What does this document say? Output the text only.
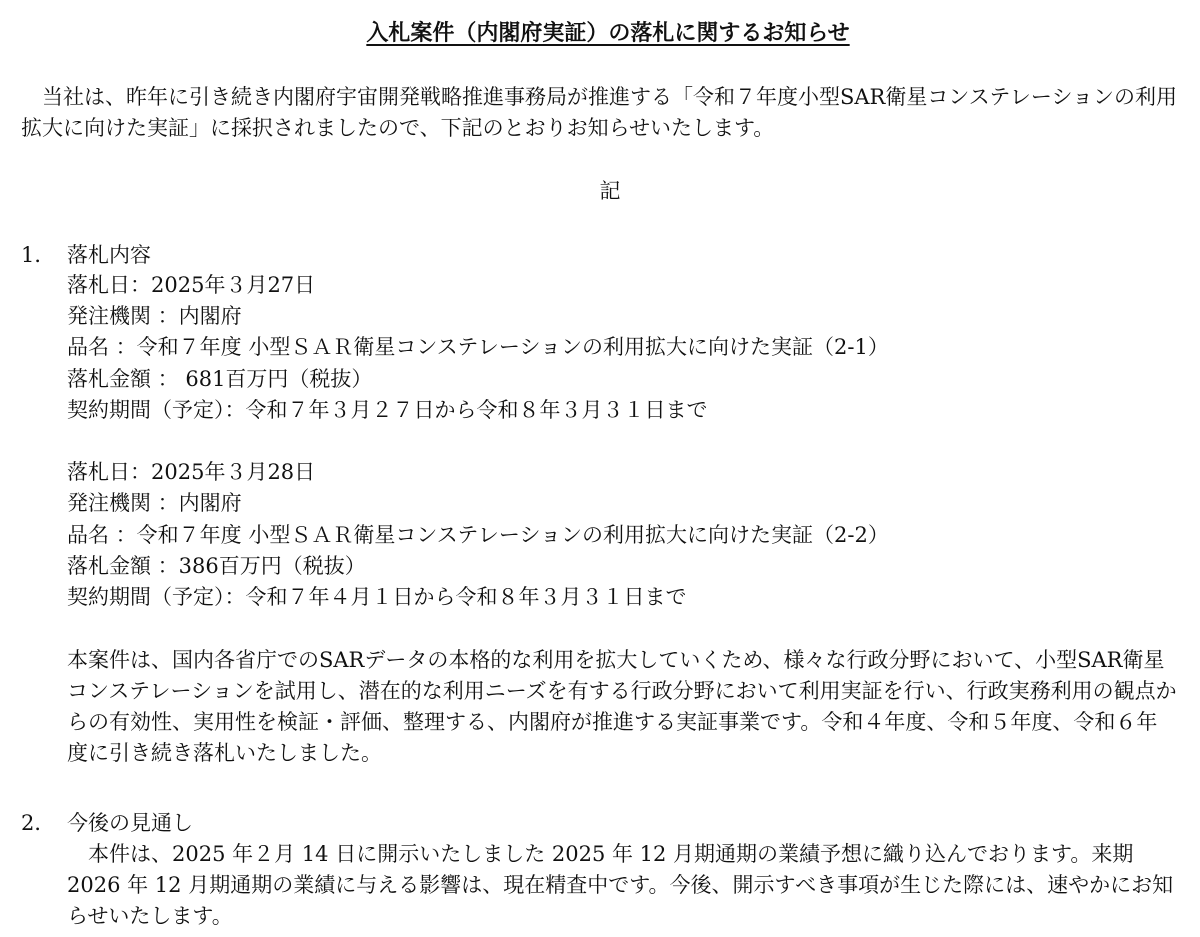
入札案件（内閣府実証）の落札に関するお知らせ
当社は、昨年に引き続き内閣府宇宙開発戦略推進事務局が推進する「令和７年度小型SAR衛星コンステレーションの利用拡大に向けた実証」に採択されましたので、下記のとおりお知らせいたします。
記
1． 落札内容
落札日：2025年３月27日
発注機関 ：内閣府
品名 ：令和７年度 小型ＳＡＲ衛星コンステレーションの利用拡大に向けた実証（2-1）
落札金額 ： 681百万円（税抜）
契約期間（予定）：令和７年３月２７日から令和８年３月３１日まで
落札日：2025年３月28日
発注機関 ：内閣府
品名 ：令和７年度 小型ＳＡＲ衛星コンステレーションの利用拡大に向けた実証（2-2）
落札金額 ：386百万円（税抜）
契約期間（予定）：令和７年４月１日から令和８年３月３１日まで
本案件は、国内各省庁でのSARデータの本格的な利用を拡大していくため、様々な行政分野において、小型SAR衛星コンステレーションを試用し、潜在的な利用ニーズを有する行政分野において利用実証を行い、行政実務利用の観点からの有効性、実用性を検証・評価、整理する、内閣府が推進する実証事業です。令和４年度、令和５年度、令和６年度に引き続き落札いたしました。
2． 今後の見通し
本件は、2025 年２月 14 日に開示いたしました 2025 年 12 月期通期の業績予想に織り込んでおります。来期 2026 年 12 月期通期の業績に与える影響は、現在精査中です。今後、開示すべき事項が生じた際には、速やかにお知らせいたします。
